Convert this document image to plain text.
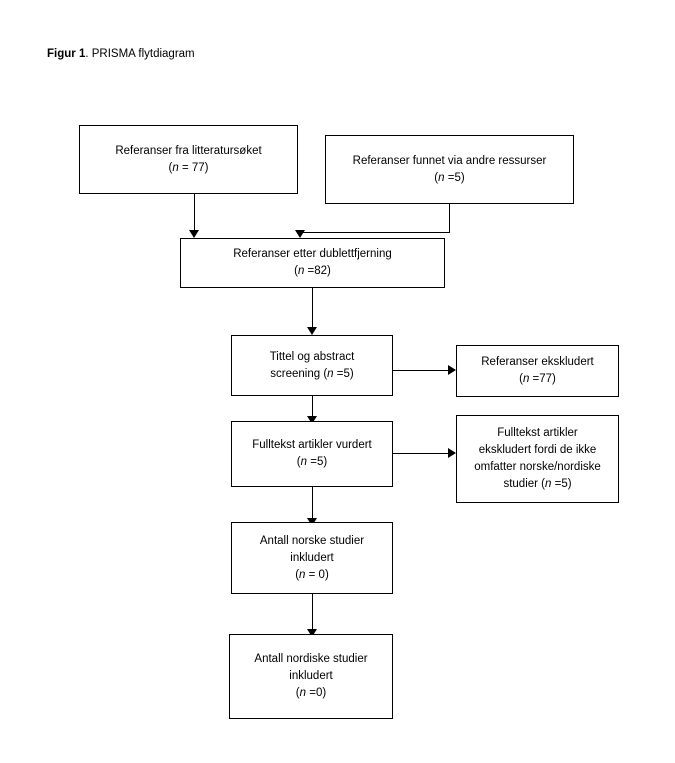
Figur 1. PRISMA flytdiagram
Referanser fra litteratursøket
(n = 77)
Referanser funnet via andre ressurser
(n =5)
Referanser etter dublettfjerning
(n =82)
Tittel og abstract
screening (n =5)
Referanser ekskludert
(n =77)
Fulltekst artikler vurdert
(n =5)
Fulltekst artikler
ekskludert fordi de ikke
omfatter norske/nordiske
studier (n =5)
Antall norske studier
inkludert
(n = 0)
Antall nordiske studier
inkludert
(n =0)
